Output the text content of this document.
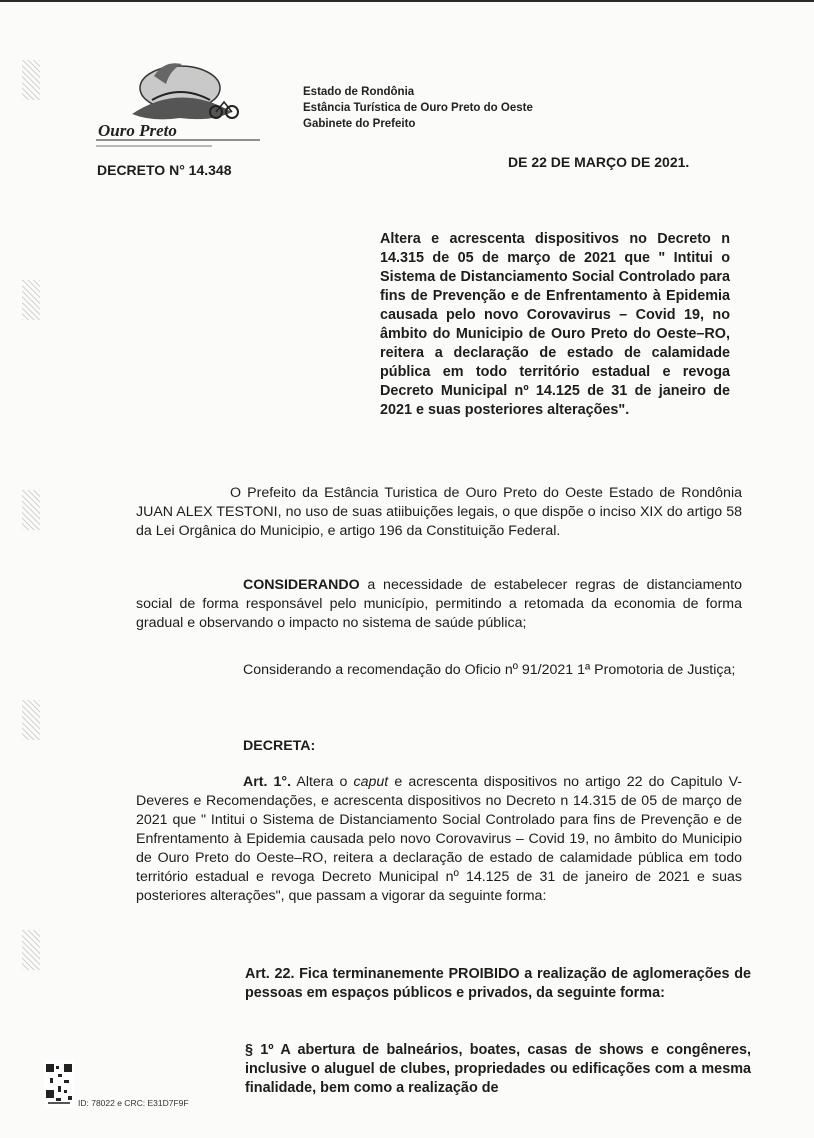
Ouro Preto
Estado de Rondônia
Estância Turística de Ouro Preto do Oeste
Gabinete do Prefeito
DECRETO N° 14.348	DE 22 DE MARÇO DE 2021.
Altera e acrescenta dispositivos no Decreto n 14.315 de 05 de março de 2021 que " Intitui o Sistema de Distanciamento Social Controlado para fins de Prevenção e de Enfrentamento à Epidemia causada pelo novo Corovavirus – Covid 19, no âmbito do Municipio de Ouro Preto do Oeste–RO, reitera a declaração de estado de calamidade pública em todo território estadual e revoga Decreto Municipal nº 14.125 de 31 de janeiro de 2021 e suas posteriores alterações".
O Prefeito da Estância Turistica de Ouro Preto do Oeste Estado de Rondônia JUAN ALEX TESTONI, no uso de suas atiibuições legais, o que dispõe o inciso XIX do artigo 58 da Lei Orgânica do Municipio, e artigo 196 da Constituição Federal.
CONSIDERANDO a necessidade de estabelecer regras de distanciamento social de forma responsável pelo município, permitindo a retomada da economia de forma gradual e observando o impacto no sistema de saúde pública;
Considerando a recomendação do Oficio nº 91/2021 1ª Promotoria de Justiça;
DECRETA:
Art. 1°. Altera o caput e acrescenta dispositivos no artigo 22 do Capitulo V-Deveres e Recomendações, e acrescenta dispositivos no Decreto n 14.315 de 05 de março de 2021 que " Intitui o Sistema de Distanciamento Social Controlado para fins de Prevenção e de Enfrentamento à Epidemia causada pelo novo Corovavirus – Covid 19, no âmbito do Municipio de Ouro Preto do Oeste–RO, reitera a declaração de estado de calamidade pública em todo território estadual e revoga Decreto Municipal nº 14.125 de 31 de janeiro de 2021 e suas posteriores alterações", que passam a vigorar da seguinte forma:
Art. 22. Fica terminanemente PROIBIDO a realização de aglomerações de pessoas em espaços públicos e privados, da seguinte forma:
§ 1º A abertura de balneários, boates, casas de shows e congêneres, inclusive o aluguel de clubes, propriedades ou edificações com a mesma finalidade, bem como a realização de
ID: 78022 e CRC: E31D7F9F
